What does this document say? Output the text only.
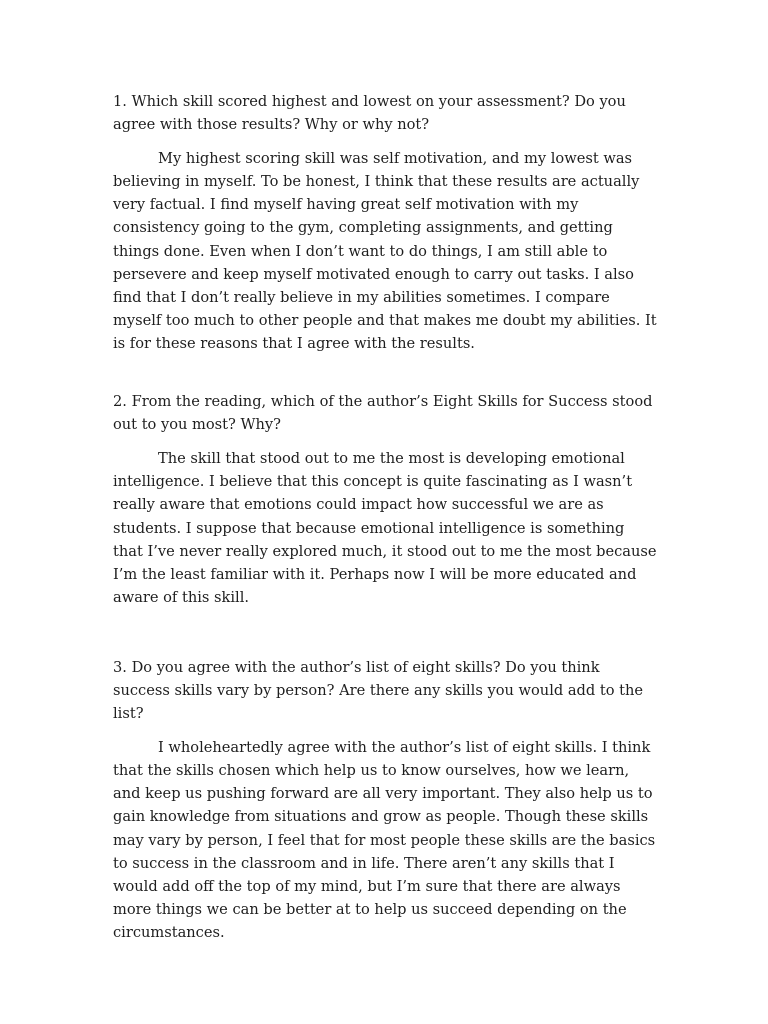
1. Which skill scored highest and lowest on your assessment? Do you agree with those results? Why or why not?

My highest scoring skill was self motivation, and my lowest was believing in myself. To be honest, I think that these results are actually very factual. I find myself having great self motivation with my consistency going to the gym, completing assignments, and getting things done. Even when I don’t want to do things, I am still able to persevere and keep myself motivated enough to carry out tasks. I also find that I don’t really believe in my abilities sometimes. I compare myself too much to other people and that makes me doubt my abilities. It is for these reasons that I agree with the results.

2. From the reading, which of the author’s Eight Skills for Success stood out to you most? Why?

The skill that stood out to me the most is developing emotional intelligence. I believe that this concept is quite fascinating as I wasn’t really aware that emotions could impact how successful we are as students. I suppose that because emotional intelligence is something that I’ve never really explored much, it stood out to me the most because I’m the least familiar with it. Perhaps now I will be more educated and aware of this skill.

3. Do you agree with the author’s list of eight skills? Do you think success skills vary by person? Are there any skills you would add to the list?

I wholeheartedly agree with the author’s list of eight skills. I think that the skills chosen which help us to know ourselves, how we learn, and keep us pushing forward are all very important. They also help us to gain knowledge from situations and grow as people. Though these skills may vary by person, I feel that for most people these skills are the basics to success in the classroom and in life. There aren’t any skills that I would add off the top of my mind, but I’m sure that there are always more things we can be better at to help us succeed depending on the circumstances.
